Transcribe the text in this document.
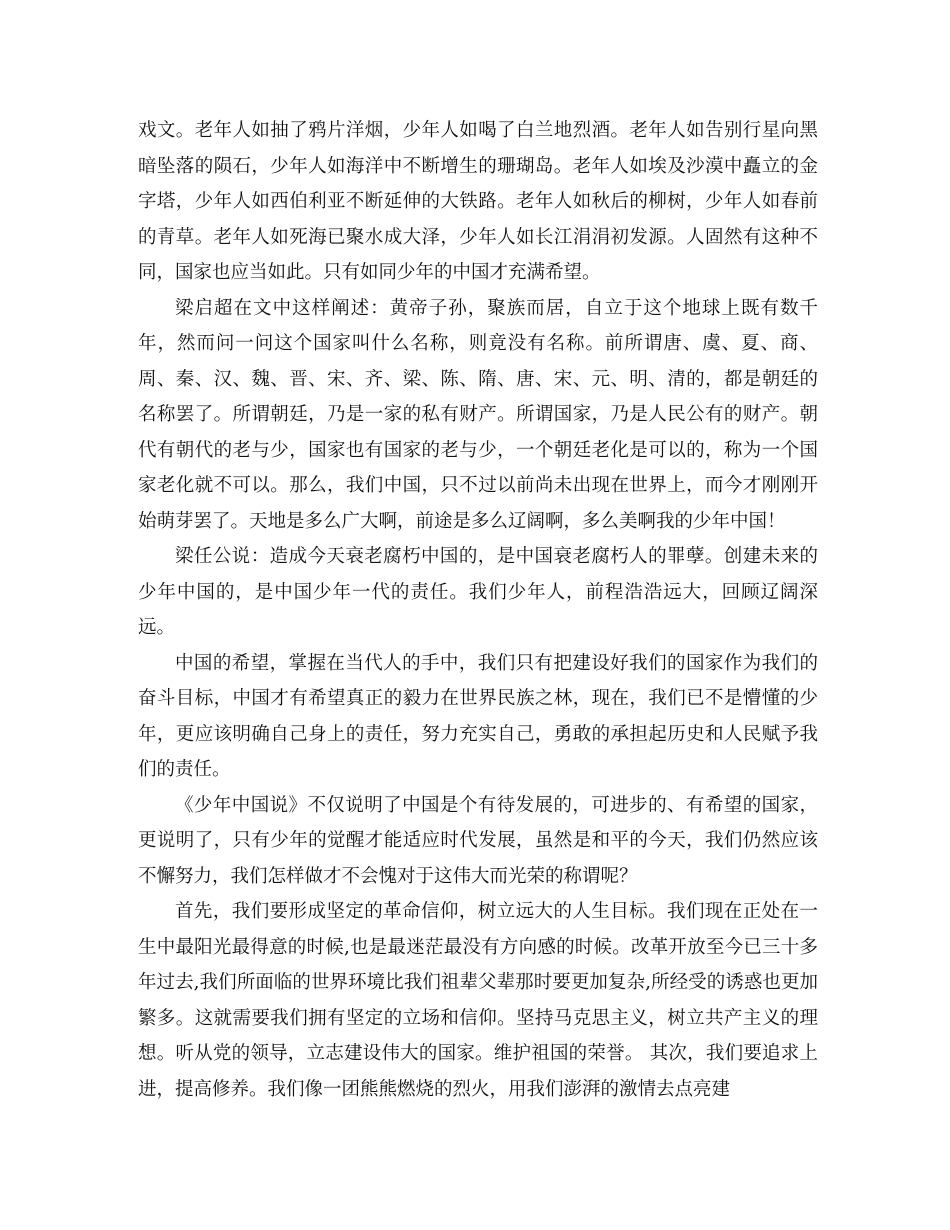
戏文。老年人如抽了鸦片洋烟，少年人如喝了白兰地烈酒。老年人如告别行星向黑暗坠落的陨石，少年人如海洋中不断增生的珊瑚岛。老年人如埃及沙漠中矗立的金字塔，少年人如西伯利亚不断延伸的大铁路。老年人如秋后的柳树，少年人如春前的青草。老年人如死海已聚水成大泽，少年人如长江涓涓初发源。人固然有这种不同，国家也应当如此。只有如同少年的中国才充满希望。

梁启超在文中这样阐述：黄帝子孙，聚族而居，自立于这个地球上既有数千年，然而问一问这个国家叫什么名称，则竟没有名称。前所谓唐、虞、夏、商、周、秦、汉、魏、晋、宋、齐、梁、陈、隋、唐、宋、元、明、清的，都是朝廷的名称罢了。所谓朝廷，乃是一家的私有财产。所谓国家，乃是人民公有的财产。朝代有朝代的老与少，国家也有国家的老与少，一个朝廷老化是可以的，称为一个国家老化就不可以。那么，我们中国，只不过以前尚未出现在世界上，而今才刚刚开始萌芽罢了。天地是多么广大啊，前途是多么辽阔啊，多么美啊我的少年中国！

梁任公说：造成今天衰老腐朽中国的，是中国衰老腐朽人的罪孽。创建未来的少年中国的，是中国少年一代的责任。我们少年人，前程浩浩远大，回顾辽阔深远。

中国的希望，掌握在当代人的手中，我们只有把建设好我们的国家作为我们的奋斗目标，中国才有希望真正的毅力在世界民族之林，现在，我们已不是懵懂的少年，更应该明确自己身上的责任，努力充实自己，勇敢的承担起历史和人民赋予我们的责任。

《少年中国说》不仅说明了中国是个有待发展的，可进步的、有希望的国家，更说明了，只有少年的觉醒才能适应时代发展，虽然是和平的今天，我们仍然应该不懈努力，我们怎样做才不会愧对于这伟大而光荣的称谓呢？

首先，我们要形成坚定的革命信仰，树立远大的人生目标。我们现在正处在一生中最阳光最得意的时候,也是最迷茫最没有方向感的时候。改革开放至今已三十多年过去,我们所面临的世界环境比我们祖辈父辈那时要更加复杂,所经受的诱惑也更加繁多。这就需要我们拥有坚定的立场和信仰。坚持马克思主义，树立共产主义的理想。听从党的领导，立志建设伟大的国家。维护祖国的荣誉。 其次，我们要追求上进，提高修养。我们像一团熊熊燃烧的烈火，用我们澎湃的激情去点亮建
